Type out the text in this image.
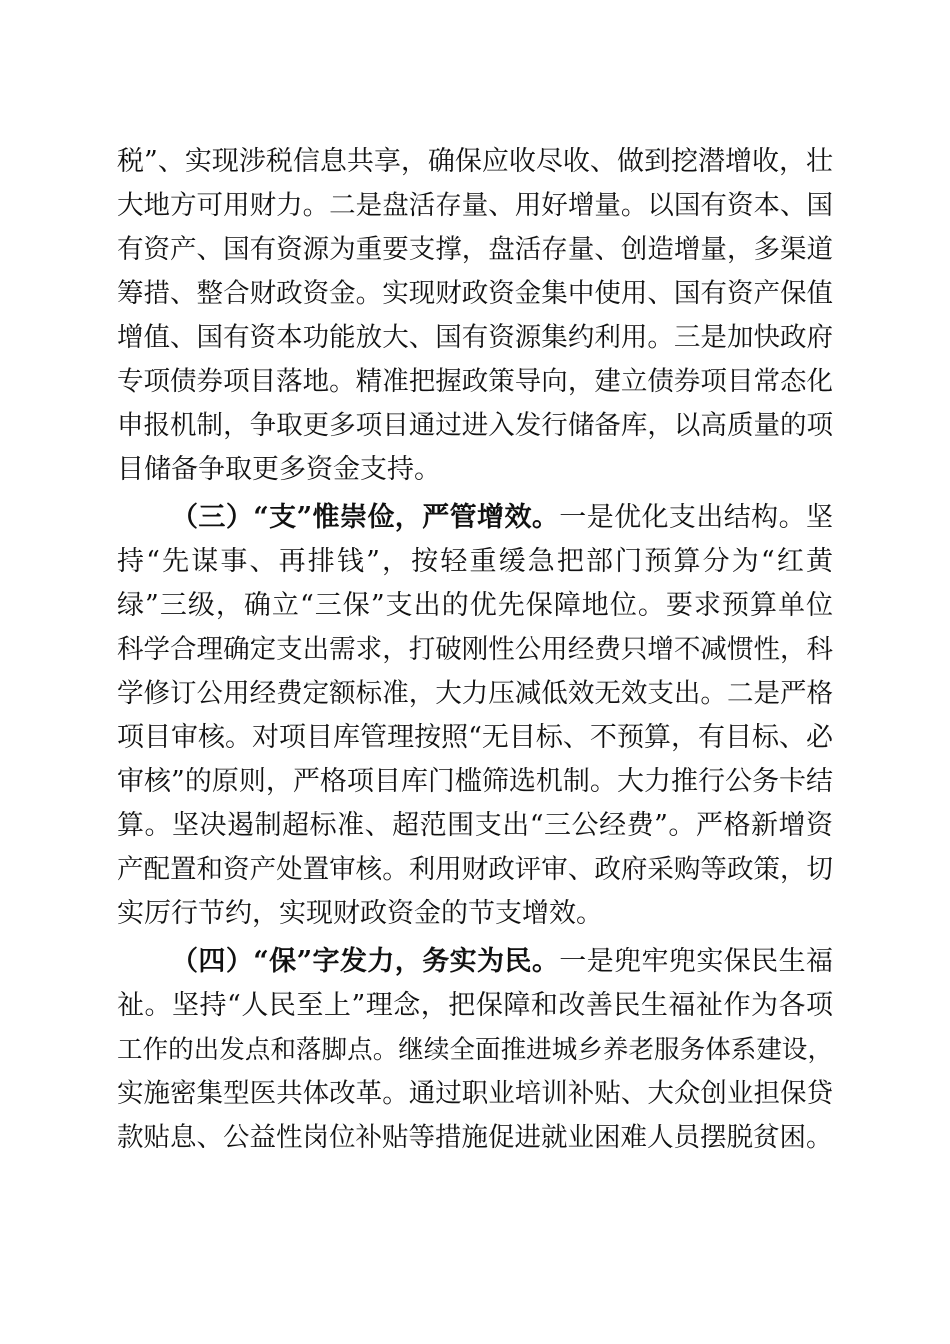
税”、实现涉税信息共享，确保应收尽收、做到挖潜增收，壮
大地方可用财力。二是盘活存量、用好增量。以国有资本、国
有资产、国有资源为重要支撑，盘活存量、创造增量，多渠道
筹措、整合财政资金。实现财政资金集中使用、国有资产保值
增值、国有资本功能放大、国有资源集约利用。三是加快政府
专项债券项目落地。精准把握政策导向，建立债券项目常态化
申报机制，争取更多项目通过进入发行储备库，以高质量的项
目储备争取更多资金支持。
（三）“支”惟崇俭，严管增效。一是优化支出结构。坚
持“先谋事、再排钱”，按轻重缓急把部门预算分为“红黄
绿”三级，确立“三保”支出的优先保障地位。要求预算单位
科学合理确定支出需求，打破刚性公用经费只增不减惯性，科
学修订公用经费定额标准，大力压减低效无效支出。二是严格
项目审核。对项目库管理按照“无目标、不预算，有目标、必
审核”的原则，严格项目库门槛筛选机制。大力推行公务卡结
算。坚决遏制超标准、超范围支出“三公经费”。严格新增资
产配置和资产处置审核。利用财政评审、政府采购等政策，切
实厉行节约，实现财政资金的节支增效。
（四）“保”字发力，务实为民。一是兜牢兜实保民生福
祉。坚持“人民至上”理念，把保障和改善民生福祉作为各项
工作的出发点和落脚点。继续全面推进城乡养老服务体系建设，
实施密集型医共体改革。通过职业培训补贴、大众创业担保贷
款贴息、公益性岗位补贴等措施促进就业困难人员摆脱贫困。
